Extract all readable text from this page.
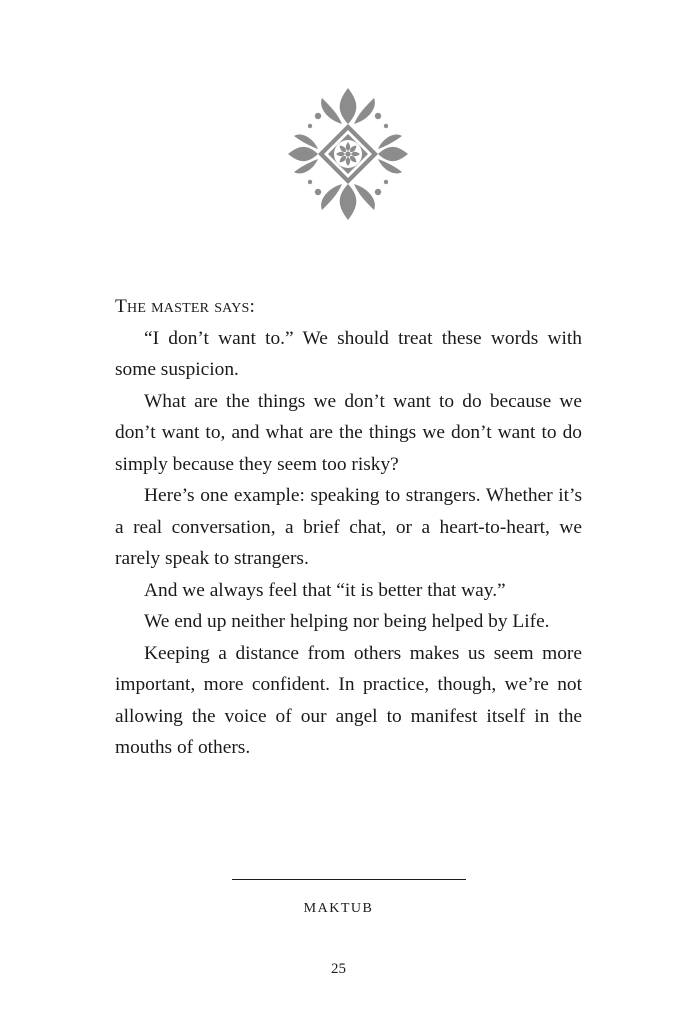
The master says:

“I don’t want to.” We should treat these words with some suspicion.

What are the things we don’t want to do because we don’t want to, and what are the things we don’t want to do simply because they seem too risky?

Here’s one example: speaking to strangers. Whether it’s a real conversation, a brief chat, or a heart-to-heart, we rarely speak to strangers.

And we always feel that “it is better that way.”

We end up neither helping nor being helped by Life.

Keeping a distance from others makes us seem more important, more confident. In practice, though, we’re not allowing the voice of our angel to manifest itself in the mouths of others.

MAKTUB
25
